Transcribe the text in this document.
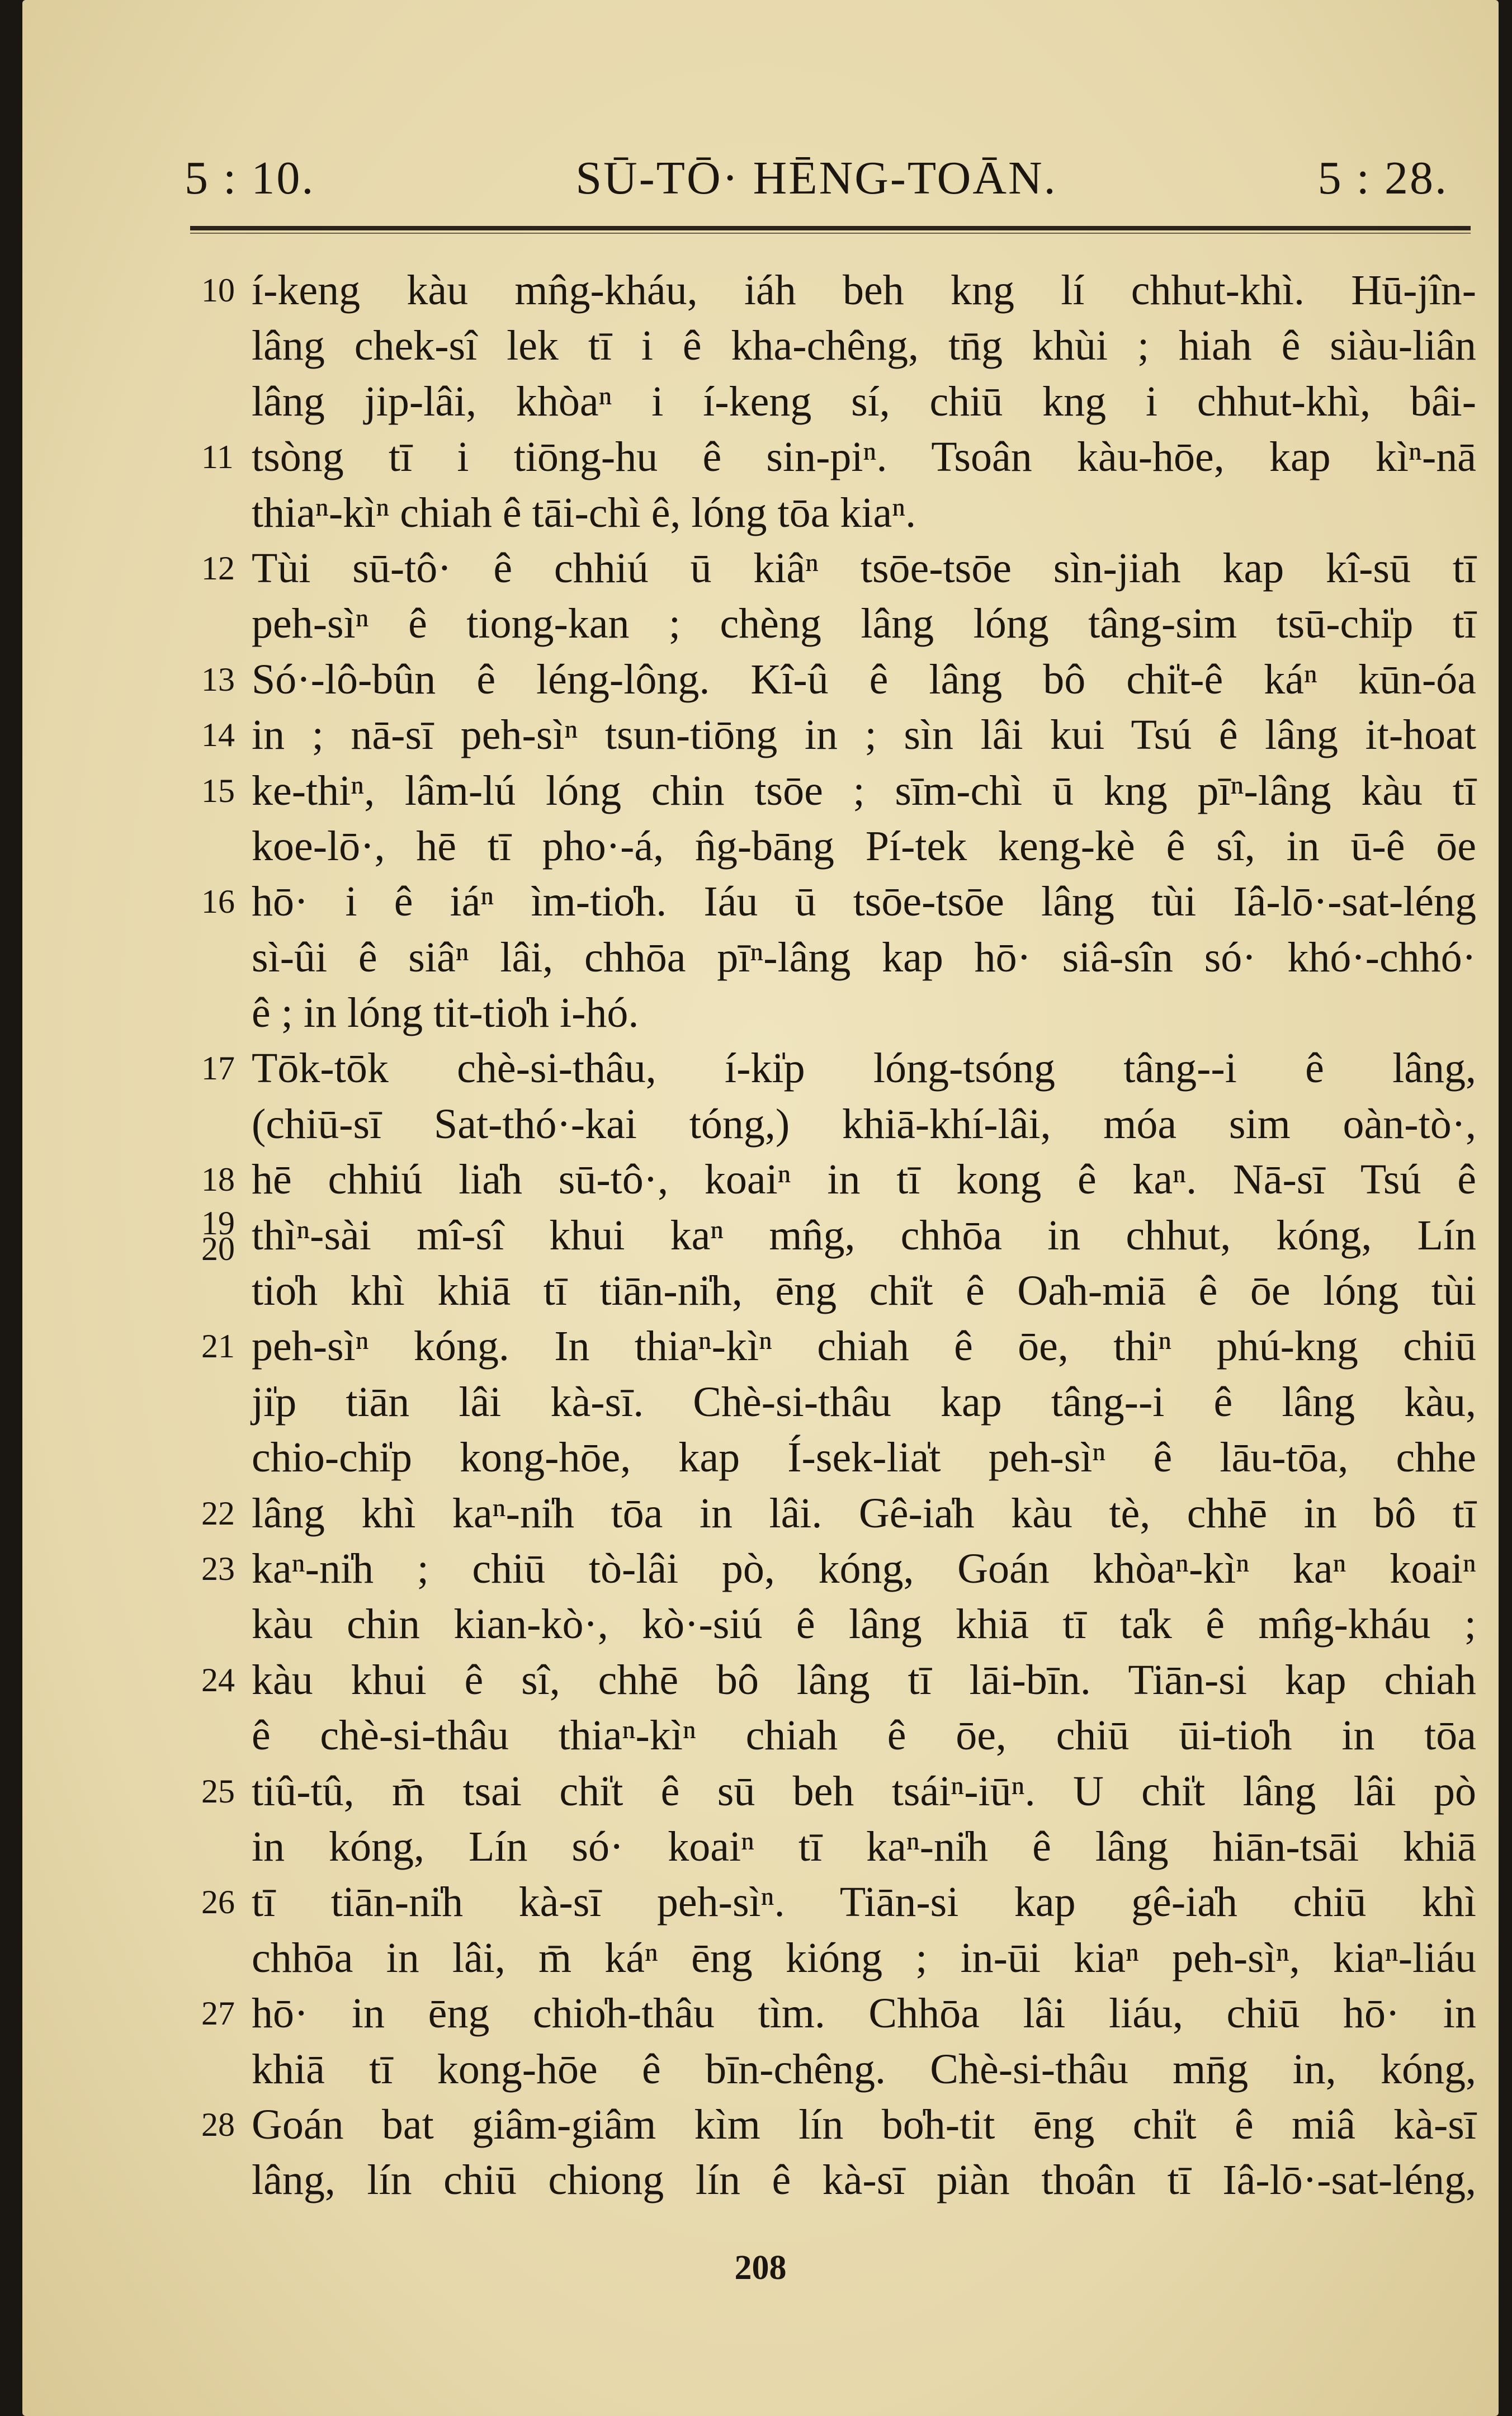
5 : 10.	SŪ-TŌ· HĒNG-TOĀN.	5 : 28.
10 í-keng kàu mn̂g-kháu, iáh beh kng lí chhut-khì. Hū-jîn-
lâng chek-sî lek tī i ê kha-chêng, tn̄g khùi ; hiah ê siàu-liân
lâng jip-lâi, khòaⁿ i í-keng sí, chiū kng i chhut-khì, bâi-
11 tsòng tī i tiōng-hu ê sin-piⁿ. Tsoân kàu-hōe, kap kìⁿ-nā
thiaⁿ-kìⁿ chiah ê tāi-chì ê, lóng tōa kiaⁿ.
12 Tùi sū-tô· ê chhiú ū kiâⁿ tsōe-tsōe sìn-jiah kap kî-sū tī
peh-sìⁿ ê tiong-kan ; chèng lâng lóng tâng-sim tsū-chi̍p tī
13 Só·-lô-bûn ê léng-lông. Kî-û ê lâng bô chi̍t-ê káⁿ kūn-óa
14 in ; nā-sī peh-sìⁿ tsun-tiōng in ; sìn lâi kui Tsú ê lâng it-hoat
15 ke-thiⁿ, lâm-lú lóng chin tsōe ; sīm-chì ū kng pīⁿ-lâng kàu tī
koe-lō·, hē tī pho·-á, n̂g-bāng Pí-tek keng-kè ê sî, in ū-ê ōe
16 hō· i ê iáⁿ ìm-tio̍h. Iáu ū tsōe-tsōe lâng tùi Iâ-lō·-sat-léng
sì-ûi ê siâⁿ lâi, chhōa pīⁿ-lâng kap hō· siâ-sîn só· khó·-chhó·
ê ; in lóng tit-tio̍h i-hó.
17 Tōk-tōk chè-si-thâu, í-ki̍p lóng-tsóng tâng--i ê lâng,
(chiū-sī Sat-thó·-kai tóng,) khiā-khí-lâi, móa sim oàn-tò·,
18 hē chhiú lia̍h sū-tô·, koaiⁿ in tī kong ê kaⁿ. Nā-sī Tsú ê
19 20 thìⁿ-sài mî-sî khui kaⁿ mn̂g, chhōa in chhut, kóng, Lín
tio̍h khì khiā tī tiān-ni̍h, ēng chi̍t ê Oa̍h-miā ê ōe lóng tùi
21 peh-sìⁿ kóng. In thiaⁿ-kìⁿ chiah ê ōe, thiⁿ phú-kng chiū
ji̍p tiān lâi kà-sī. Chè-si-thâu kap tâng--i ê lâng kàu,
chio-chi̍p kong-hōe, kap Í-sek-lia̍t peh-sìⁿ ê lāu-tōa, chhe
22 lâng khì kaⁿ-ni̍h tōa in lâi. Gê-ia̍h kàu tè, chhē in bô tī
23 kaⁿ-ni̍h ; chiū tò-lâi pò, kóng, Goán khòaⁿ-kìⁿ kaⁿ koaiⁿ
kàu chin kian-kò·, kò·-siú ê lâng khiā tī ta̍k ê mn̂g-kháu ;
24 kàu khui ê sî, chhē bô lâng tī lāi-bīn. Tiān-si kap chiah
ê chè-si-thâu thiaⁿ-kìⁿ chiah ê ōe, chiū ūi-tio̍h in tōa
25 tiû-tû, m̄ tsai chi̍t ê sū beh tsáiⁿ-iūⁿ. U chi̍t lâng lâi pò
in kóng, Lín só· koaiⁿ tī kaⁿ-ni̍h ê lâng hiān-tsāi khiā
26 tī tiān-ni̍h kà-sī peh-sìⁿ. Tiān-si kap gê-ia̍h chiū khì
chhōa in lâi, m̄ káⁿ ēng kióng ; in-ūi kiaⁿ peh-sìⁿ, kiaⁿ-liáu
27 hō· in ēng chio̍h-thâu tìm. Chhōa lâi liáu, chiū hō· in
khiā tī kong-hōe ê bīn-chêng. Chè-si-thâu mn̄g in, kóng,
28 Goán bat giâm-giâm kìm lín bo̍h-tit ēng chi̍t ê miâ kà-sī
lâng, lín chiū chiong lín ê kà-sī piàn thoân tī Iâ-lō·-sat-léng,
208
